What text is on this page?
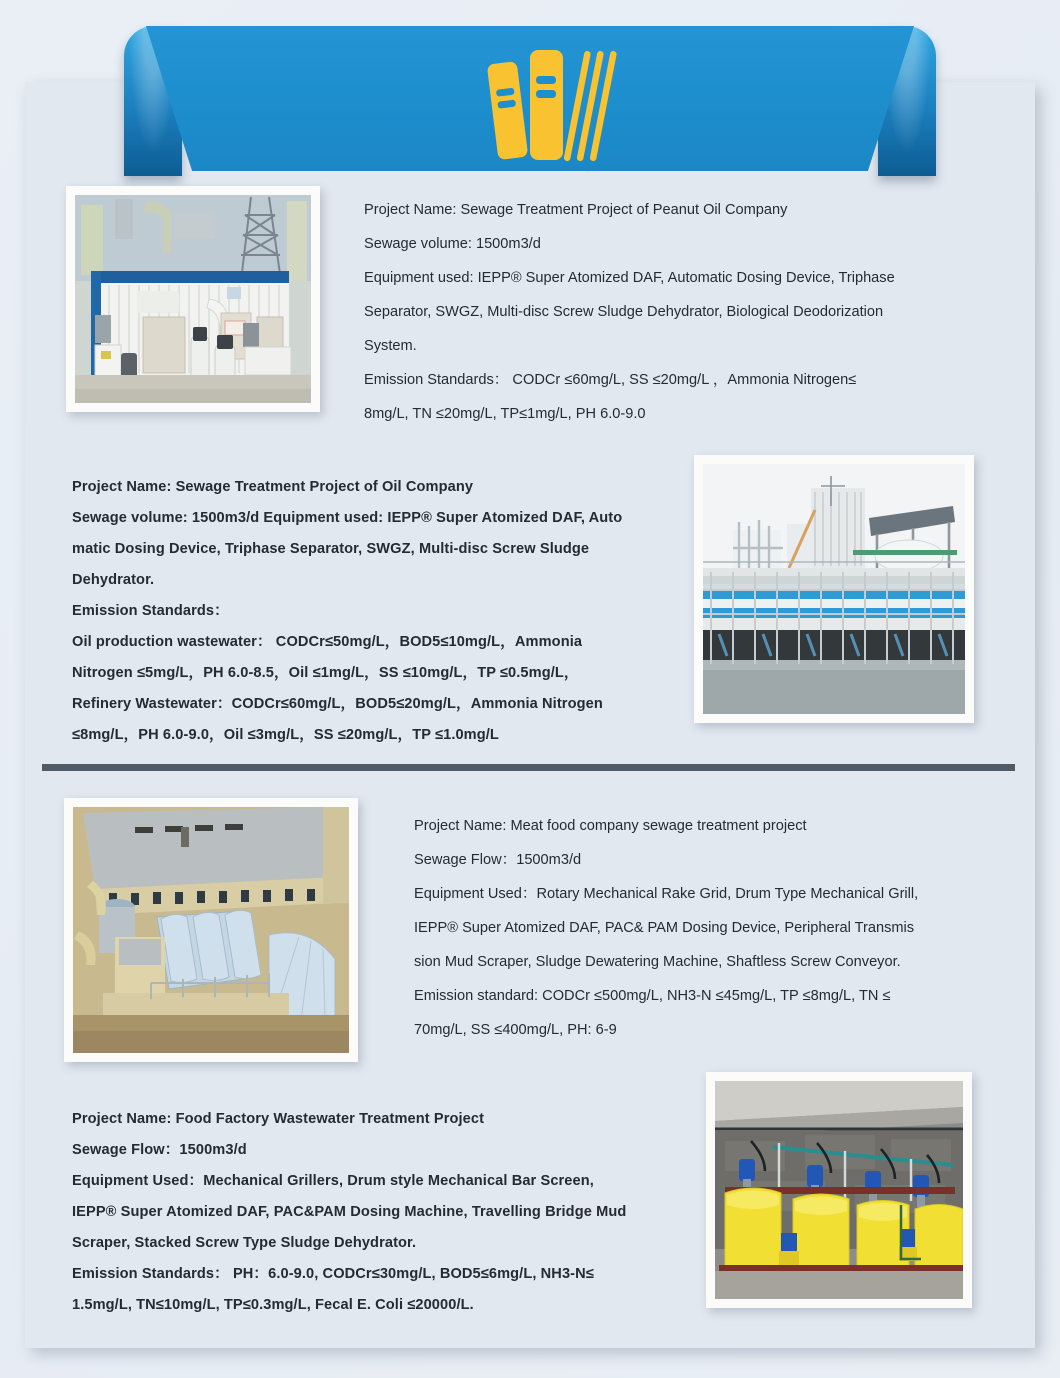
Project Name: Sewage Treatment Project of Peanut Oil Company

Sewage volume: 1500m3/d

Equipment used: IEPP® Super Atomized DAF, Automatic Dosing Device, Triphase

Separator, SWGZ, Multi-disc Screw Sludge Dehydrator, Biological Deodorization

System.

Emission Standards： CODCr ≤60mg/L, SS ≤20mg/L ，Ammonia Nitrogen≤

8mg/L, TN ≤20mg/L, TP≤1mg/L, PH 6.0-9.0

Project Name: Sewage Treatment Project of Oil Company

Sewage volume: 1500m3/d Equipment used: IEPP® Super Atomized DAF, Auto

matic Dosing Device, Triphase Separator, SWGZ, Multi-disc Screw Sludge

Dehydrator.

Emission Standards：

Oil production wastewater： CODCr≤50mg/L，BOD5≤10mg/L，Ammonia

Nitrogen ≤5mg/L，PH 6.0-8.5，Oil ≤1mg/L，SS ≤10mg/L，TP ≤0.5mg/L，

Refinery Wastewater：CODCr≤60mg/L，BOD5≤20mg/L，Ammonia Nitrogen

≤8mg/L，PH 6.0-9.0，Oil ≤3mg/L，SS ≤20mg/L，TP ≤1.0mg/L

Project Name: Meat food company sewage treatment project

Sewage Flow：1500m3/d

Equipment Used：Rotary Mechanical Rake Grid, Drum Type Mechanical Grill,

IEPP® Super Atomized DAF, PAC& PAM Dosing Device, Peripheral Transmis

sion Mud Scraper, Sludge Dewatering Machine, Shaftless Screw Conveyor.

Emission standard: CODCr ≤500mg/L, NH3-N ≤45mg/L, TP ≤8mg/L, TN ≤

70mg/L, SS ≤400mg/L, PH: 6-9

Project Name: Food Factory Wastewater Treatment Project

Sewage Flow：1500m3/d

Equipment Used：Mechanical Grillers, Drum style Mechanical Bar Screen,

IEPP® Super Atomized DAF, PAC&PAM Dosing Machine, Travelling Bridge Mud

Scraper, Stacked Screw Type Sludge Dehydrator.

Emission Standards： PH：6.0-9.0, CODCr≤30mg/L, BOD5≤6mg/L, NH3-N≤

1.5mg/L, TN≤10mg/L, TP≤0.3mg/L, Fecal E. Coli ≤20000/L.
